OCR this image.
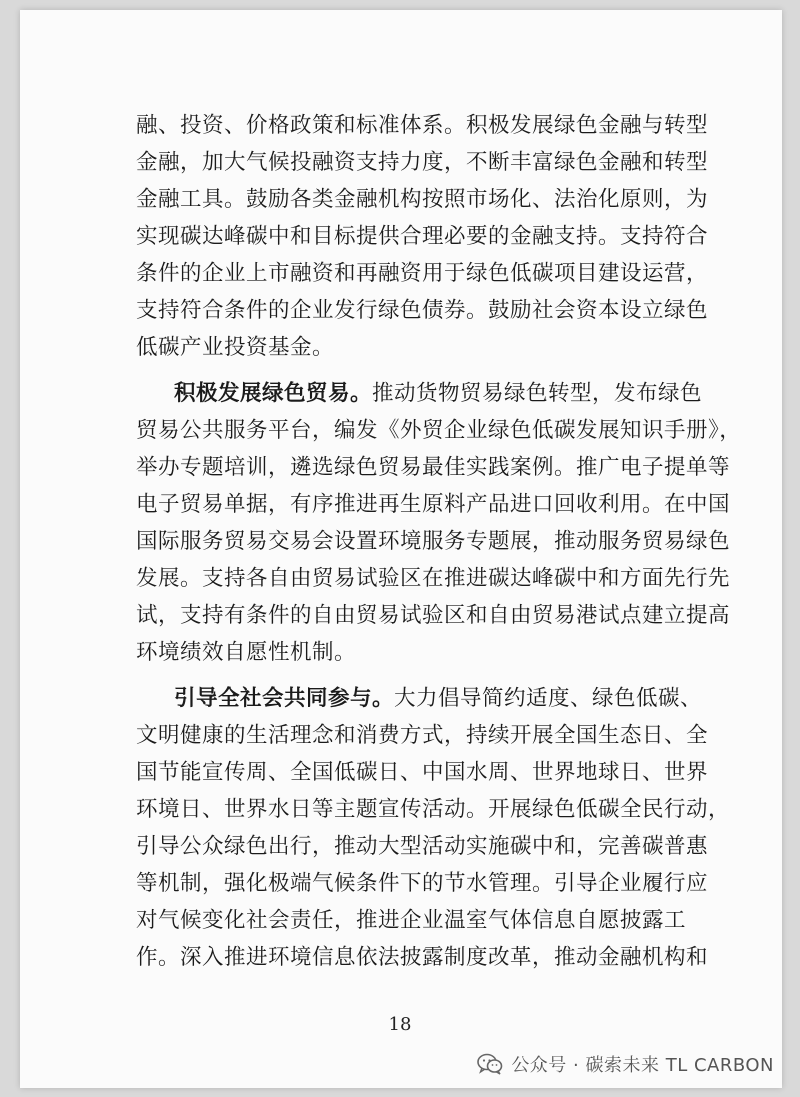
融、投资、价格政策和标准体系。积极发展绿色金融与转型
金融，加大气候投融资支持力度，不断丰富绿色金融和转型
金融工具。鼓励各类金融机构按照市场化、法治化原则，为
实现碳达峰碳中和目标提供合理必要的金融支持。支持符合
条件的企业上市融资和再融资用于绿色低碳项目建设运营，
支持符合条件的企业发行绿色债券。鼓励社会资本设立绿色
低碳产业投资基金。
积极发展绿色贸易。推动货物贸易绿色转型，发布绿色
贸易公共服务平台，编发《外贸企业绿色低碳发展知识手册》，
举办专题培训，遴选绿色贸易最佳实践案例。推广电子提单等
电子贸易单据，有序推进再生原料产品进口回收利用。在中国
国际服务贸易交易会设置环境服务专题展，推动服务贸易绿色
发展。支持各自由贸易试验区在推进碳达峰碳中和方面先行先
试，支持有条件的自由贸易试验区和自由贸易港试点建立提高
环境绩效自愿性机制。
引导全社会共同参与。大力倡导简约适度、绿色低碳、
文明健康的生活理念和消费方式，持续开展全国生态日、全
国节能宣传周、全国低碳日、中国水周、世界地球日、世界
环境日、世界水日等主题宣传活动。开展绿色低碳全民行动，
引导公众绿色出行，推动大型活动实施碳中和，完善碳普惠
等机制，强化极端气候条件下的节水管理。引导企业履行应
对气候变化社会责任，推进企业温室气体信息自愿披露工
作。深入推进环境信息依法披露制度改革，推动金融机构和
18
公众号 · 碳索未来 TL CARBON
